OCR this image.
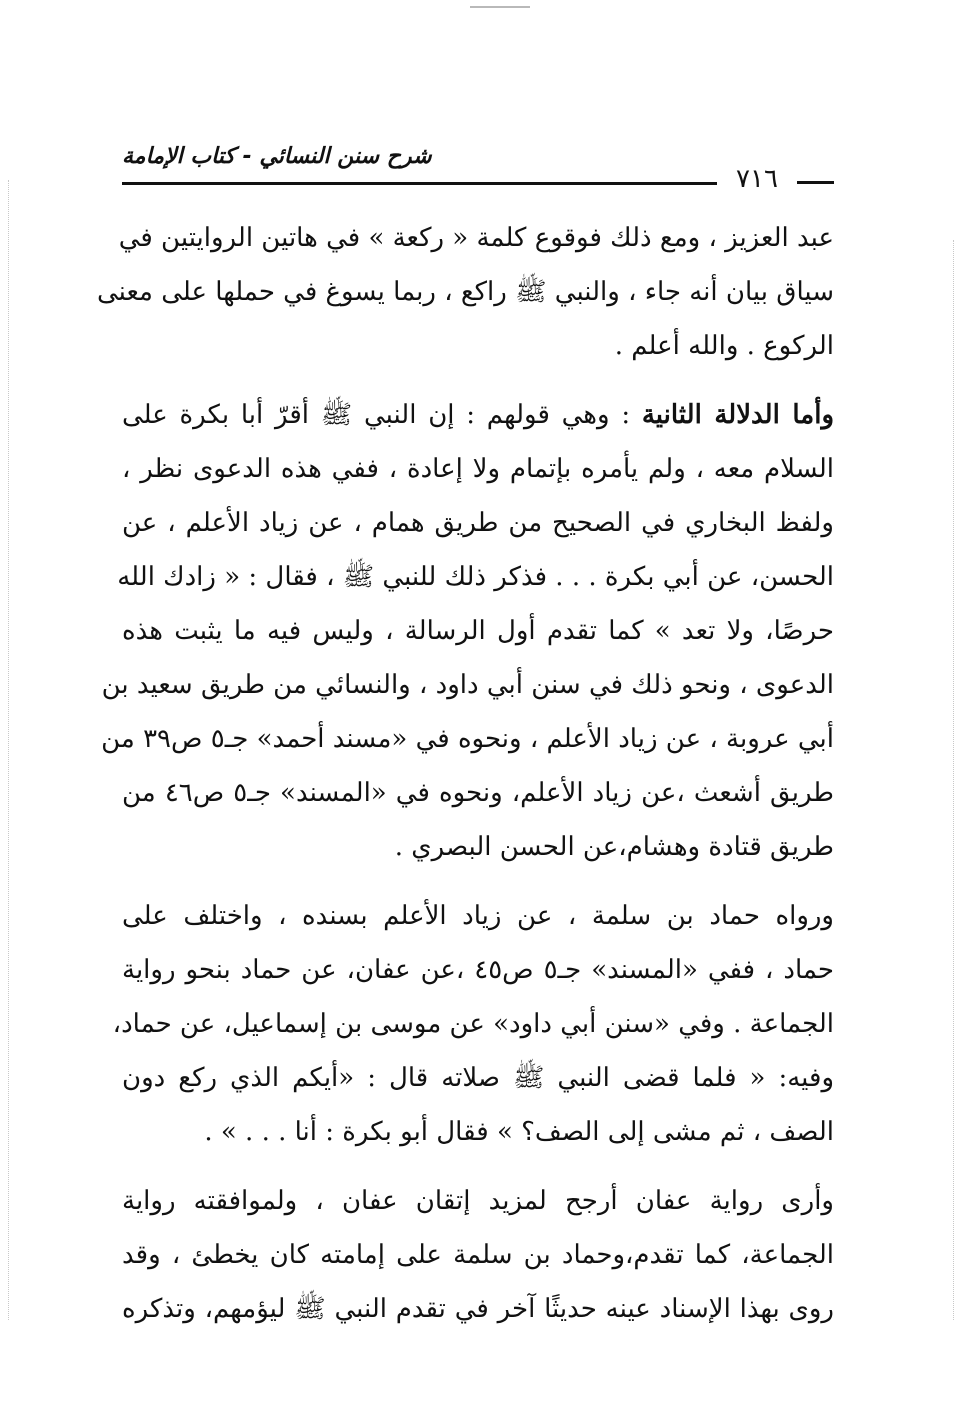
شرح سنن النسائي - كتاب الإمامة
٧١٦
عبد العزيز ، ومع ذلك فوقوع كلمة « ركعة » في هاتين الروايتين في
سياق بيان أنه جاء ، والنبي ﷺ راكع ، ربما يسوغ في حملها على معنى
الركوع . والله أعلم .
وأما الدلالة الثانية : وهي قولهم : إن النبي ﷺ أقرّ أبا بكرة على
السلام معه ، ولم يأمره بإتمام ولا إعادة ، ففي هذه الدعوى نظر ،
ولفظ البخاري في الصحيح من طريق همام ، عن زياد الأعلم ، عن
الحسن، عن أبي بكرة . . . فذكر ذلك للنبي ﷺ ، فقال : « زادك الله
حرصًا، ولا تعد » كما تقدم أول الرسالة ، وليس فيه ما يثبت هذه
الدعوى ، ونحو ذلك في سنن أبي داود ، والنسائي من طريق سعيد بن
أبي عروبة ، عن زياد الأعلم ، ونحوه في «مسند أحمد» جـ٥ ص٣٩ من
طريق أشعث ،عن زياد الأعلم، ونحوه في «المسند» جـ٥ ص٤٦ من
طريق قتادة وهشام،عن الحسن البصري .
ورواه حماد بن سلمة ، عن زياد الأعلم بسنده ، واختلف على
حماد ، ففي «المسند» جـ٥ ص٤٥ ،عن عفان، عن حماد بنحو رواية
الجماعة . وفي «سنن أبي داود» عن موسى بن إسماعيل، عن حماد،
وفيه: « فلما قضى النبي ﷺ صلاته قال : «أيكم الذي ركع دون
الصف ، ثم مشى إلى الصف؟ » فقال أبو بكرة : أنا . . . » .
وأرى رواية عفان أرجح لمزيد إتقان عفان ، ولموافقته رواية
الجماعة، كما تقدم،وحماد بن سلمة على إمامته كان يخطئ ، وقد
روى بهذا الإسناد عينه حديثًا آخر في تقدم النبي ﷺ ليؤمهم، وتذكره
